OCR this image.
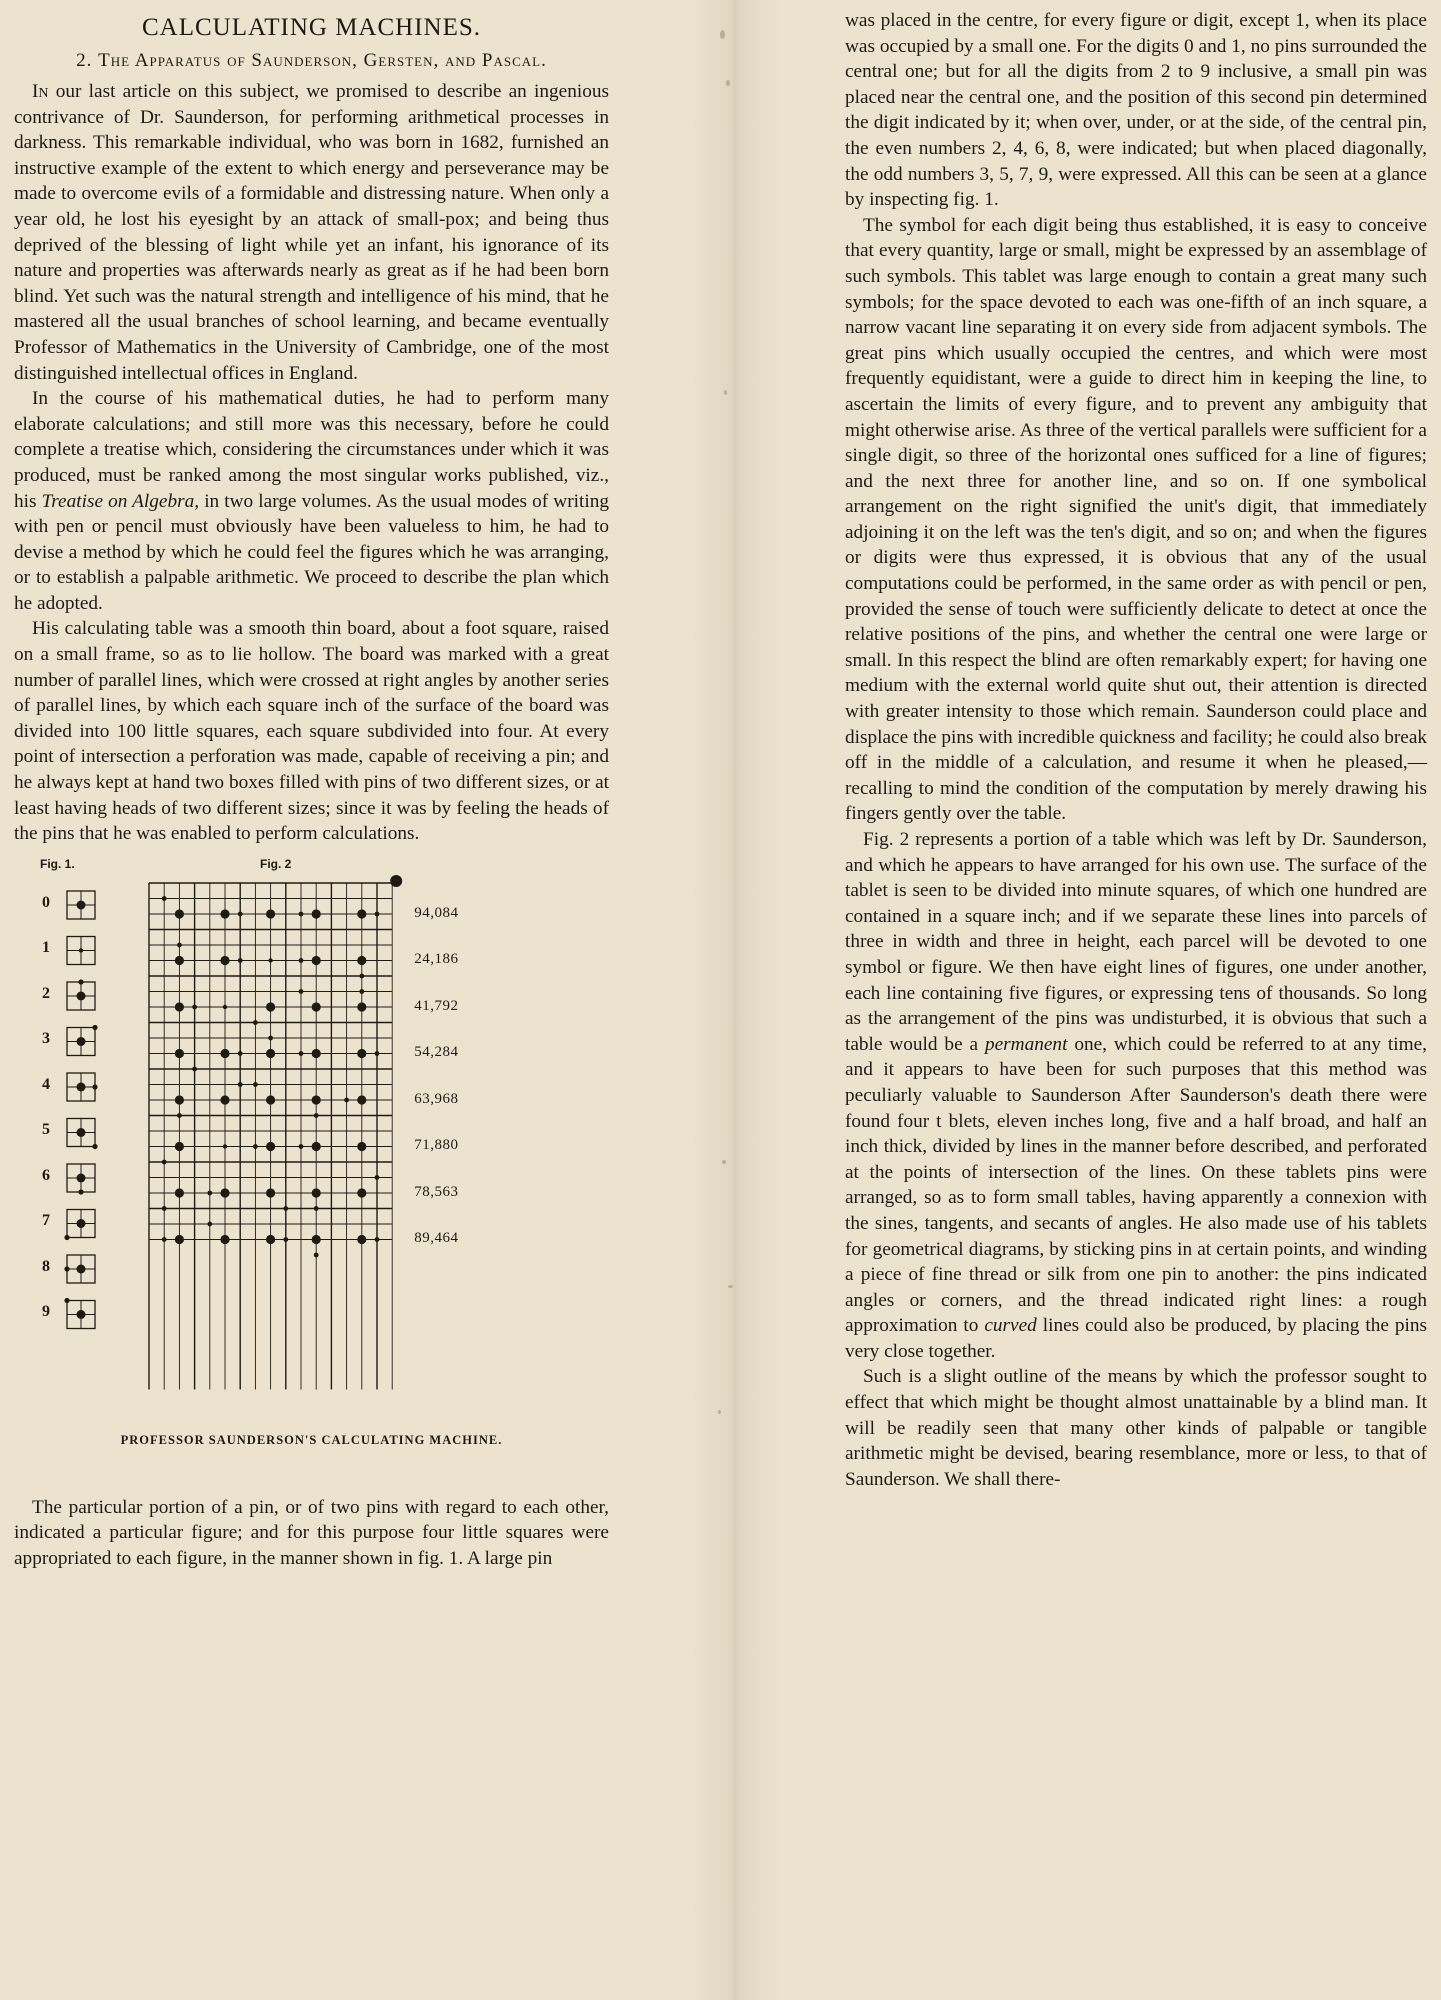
CALCULATING MACHINES.
2. The Apparatus of Saunderson, Gersten, and Pascal.

In our last article on this subject, we promised to describe an ingenious contrivance of Dr. Saunderson, for performing arithmetical processes in darkness. This remarkable individual, who was born in 1682, furnished an instructive example of the extent to which energy and perseverance may be made to overcome evils of a formidable and distressing nature. When only a year old, he lost his eyesight by an attack of small-pox; and being thus deprived of the blessing of light while yet an infant, his ignorance of its nature and properties was afterwards nearly as great as if he had been born blind. Yet such was the natural strength and intelligence of his mind, that he mastered all the usual branches of school learning, and became eventually Professor of Mathematics in the University of Cambridge, one of the most distinguished intellectual offices in England.

In the course of his mathematical duties, he had to perform many elaborate calculations; and still more was this necessary, before he could complete a treatise which, considering the circumstances under which it was produced, must be ranked among the most singular works published, viz., his Treatise on Algebra, in two large volumes. As the usual modes of writing with pen or pencil must obviously have been valueless to him, he had to devise a method by which he could feel the figures which he was arranging, or to establish a palpable arithmetic. We proceed to describe the plan which he adopted.

His calculating table was a smooth thin board, about a foot square, raised on a small frame, so as to lie hollow. The board was marked with a great number of parallel lines, which were crossed at right angles by another series of parallel lines, by which each square inch of the surface of the board was divided into 100 little squares, each square subdivided into four. At every point of intersection a perforation was made, capable of receiving a pin; and he always kept at hand two boxes filled with pins of two different sizes, or at least having heads of two different sizes; since it was by feeling the heads of the pins that he was enabled to perform calculations.

Fig. 1.	Fig. 2
0
1
2
3
4
5
6
7
8
9
94,084
24,186
41,792
54,284
63,968
71,880
78,563
89,464
PROFESSOR SAUNDERSON'S CALCULATING MACHINE.

The particular portion of a pin, or of two pins with regard to each other, indicated a particular figure; and for this purpose four little squares were appropriated to each figure, in the manner shown in fig. 1. A large pin

was placed in the centre, for every figure or digit, except 1, when its place was occupied by a small one. For the digits 0 and 1, no pins surrounded the central one; but for all the digits from 2 to 9 inclusive, a small pin was placed near the central one, and the position of this second pin determined the digit indicated by it; when over, under, or at the side, of the central pin, the even numbers 2, 4, 6, 8, were indicated; but when placed diagonally, the odd numbers 3, 5, 7, 9, were expressed. All this can be seen at a glance by inspecting fig. 1.

The symbol for each digit being thus established, it is easy to conceive that every quantity, large or small, might be expressed by an assemblage of such symbols. This tablet was large enough to contain a great many such symbols; for the space devoted to each was one-fifth of an inch square, a narrow vacant line separating it on every side from adjacent symbols. The great pins which usually occupied the centres, and which were most frequently equidistant, were a guide to direct him in keeping the line, to ascertain the limits of every figure, and to prevent any ambiguity that might otherwise arise. As three of the vertical parallels were sufficient for a single digit, so three of the horizontal ones sufficed for a line of figures; and the next three for another line, and so on. If one symbolical arrangement on the right signified the unit's digit, that immediately adjoining it on the left was the ten's digit, and so on; and when the figures or digits were thus expressed, it is obvious that any of the usual computations could be performed, in the same order as with pencil or pen, provided the sense of touch were sufficiently delicate to detect at once the relative positions of the pins, and whether the central one were large or small. In this respect the blind are often remarkably expert; for having one medium with the external world quite shut out, their attention is directed with greater intensity to those which remain. Saunderson could place and displace the pins with incredible quickness and facility; he could also break off in the middle of a calculation, and resume it when he pleased,—recalling to mind the condition of the computation by merely drawing his fingers gently over the table.

Fig. 2 represents a portion of a table which was left by Dr. Saunderson, and which he appears to have arranged for his own use. The surface of the tablet is seen to be divided into minute squares, of which one hundred are contained in a square inch; and if we separate these lines into parcels of three in width and three in height, each parcel will be devoted to one symbol or figure. We then have eight lines of figures, one under another, each line containing five figures, or expressing tens of thousands. So long as the arrangement of the pins was undisturbed, it is obvious that such a table would be a permanent one, which could be referred to at any time, and it appears to have been for such purposes that this method was peculiarly valuable to Saunderson After Saunderson's death there were found four t blets, eleven inches long, five and a half broad, and half an inch thick, divided by lines in the manner before described, and perforated at the points of intersection of the lines. On these tablets pins were arranged, so as to form small tables, having apparently a connexion with the sines, tangents, and secants of angles. He also made use of his tablets for geometrical diagrams, by sticking pins in at certain points, and winding a piece of fine thread or silk from one pin to another: the pins indicated angles or corners, and the thread indicated right lines: a rough approximation to curved lines could also be produced, by placing the pins very close together.

Such is a slight outline of the means by which the professor sought to effect that which might be thought almost unattainable by a blind man. It will be readily seen that many other kinds of palpable or tangible arithmetic might be devised, bearing resemblance, more or less, to that of Saunderson. We shall there-
